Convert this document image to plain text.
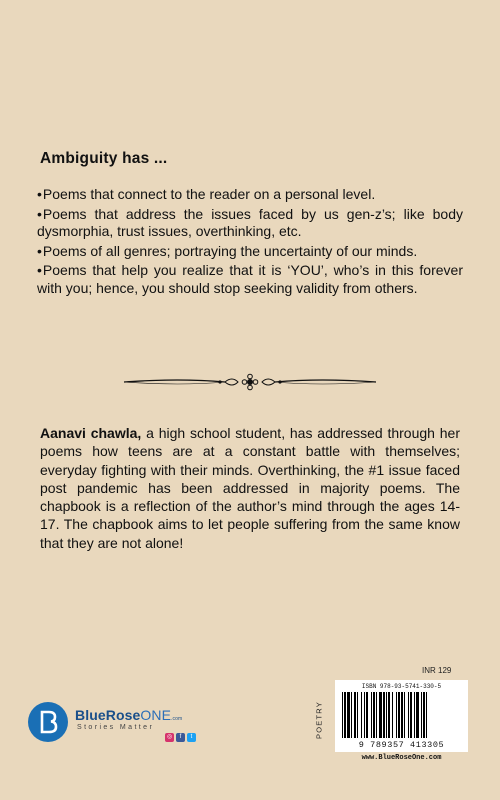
Ambiguity has ...
•Poems that connect to the reader on a personal level.
•Poems that address the issues faced by us gen-z’s; like body dysmorphia, trust issues, overthinking, etc.
•Poems of all genres; portraying the uncertainty of our minds.
•Poems that help you realize that it is ‘YOU’, who’s in this forever with you; hence, you should stop seeking validity from others.

Aanavi chawla, a high school student, has addressed through her poems how teens are at a constant battle with themselves; everyday fighting with their minds. Overthinking, the #1 issue faced post pandemic has been addressed in majority poems. The chapbook is a reflection of the author’s mind through the ages 14-17. The chapbook aims to let people suffering from the same know that they are not alone!

BlueRoseONE.com
Stories Matter
◎	f	t
INR 129
POETRY
ISBN 978-93-5741-330-5
9 789357 413305
www.BlueRoseOne.com
